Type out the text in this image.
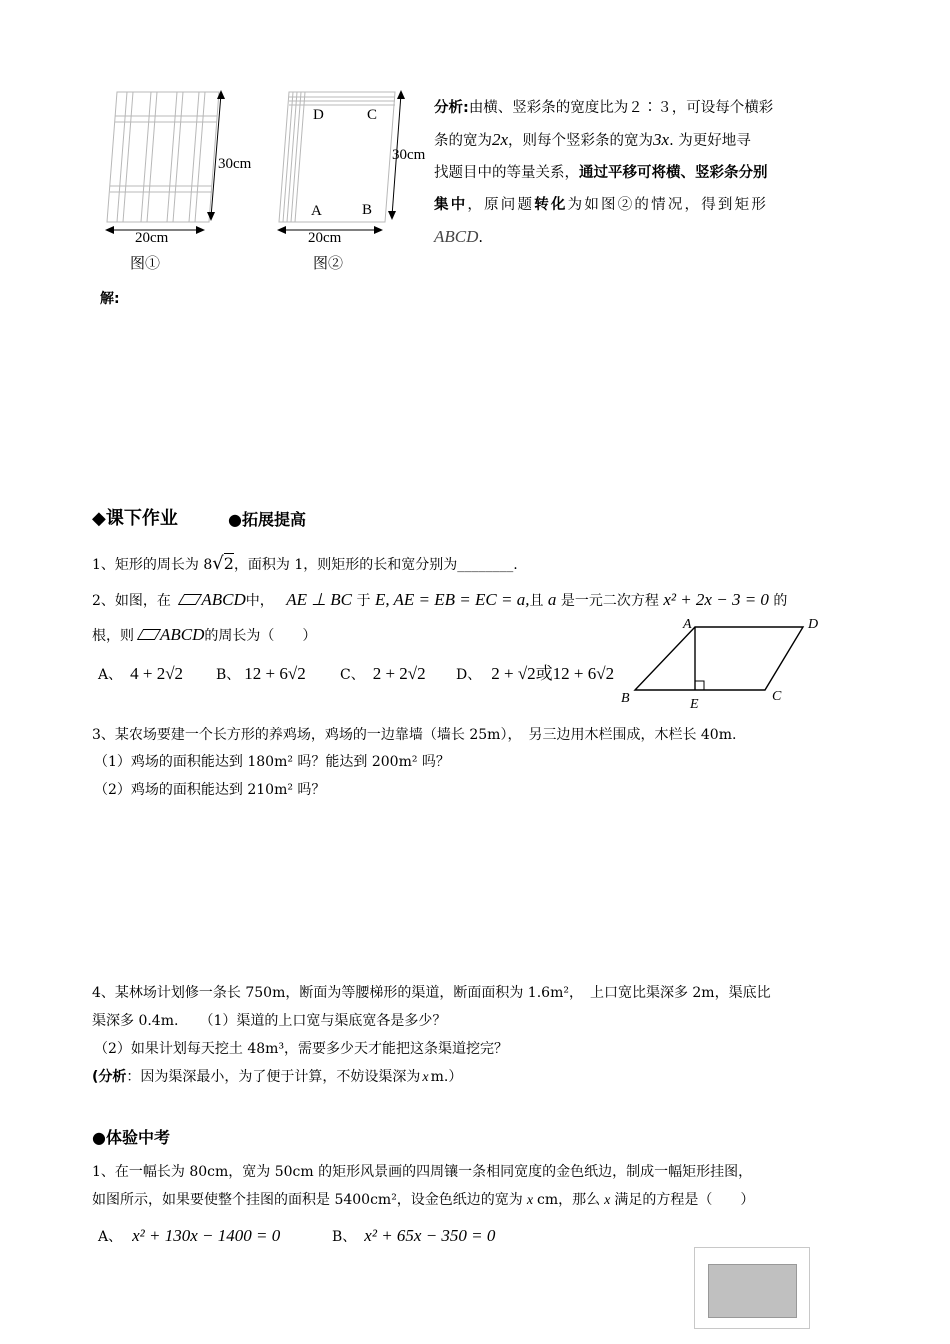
30cm
20cm
图①
D	C
A	B
30cm
20cm
图②

分析:由横、竖彩条的宽度比为２∶３，可设每个横彩

条的宽为2x，则每个竖彩条的宽为3x. 为更好地寻

找题目中的等量关系，通过平移可将横、竖彩条分别

集中，原问题转化为如图②的情况，得到矩形

ABCD.

解:
◆课下作业	●拓展提高
1、矩形的周长为 8√2，面积为 1，则矩形的长和宽分别为________.
2、如图，在 ABCD中， AE ⊥ BC 于 E, AE = EB = EC = a,且 a 是一元二次方程 x² + 2x − 3 = 0 的
根，则 ABCD的周长为（　　）
A、 4 + 2√2 B、 12 + 6√2 C、 2 + 2√2 D、 2 + √2或12 + 6√2
A	D
B	E
C
3、某农场要建一个长方形的养鸡场，鸡场的一边靠墙（墙长 25m），　另三边用木栏围成，木栏长 40m.
（1）鸡场的面积能达到 180m² 吗？能达到 200m² 吗？
（2）鸡场的面积能达到 210m² 吗？
4、某林场计划修一条长 750m，断面为等腰梯形的渠道，断面面积为 1.6m²，　上口宽比渠深多 2m，渠底比
渠深多 0.4m.　　（1）渠道的上口宽与渠底宽各是多少？
（2）如果计划每天挖土 48m³，需要多少天才能把这条渠道挖完？
(分析：因为渠深最小，为了便于计算，不妨设渠深为 x m.）
●体验中考
1、在一幅长为 80cm，宽为 50cm 的矩形风景画的四周镶一条相同宽度的金色纸边，制成一幅矩形挂图，
如图所示，如果要使整个挂图的面积是 5400cm²，设金色纸边的宽为 x cm，那么 x 满足的方程是（　　）
A、 x² + 130x − 1400 = 0	B、 x² + 65x − 350 = 0
